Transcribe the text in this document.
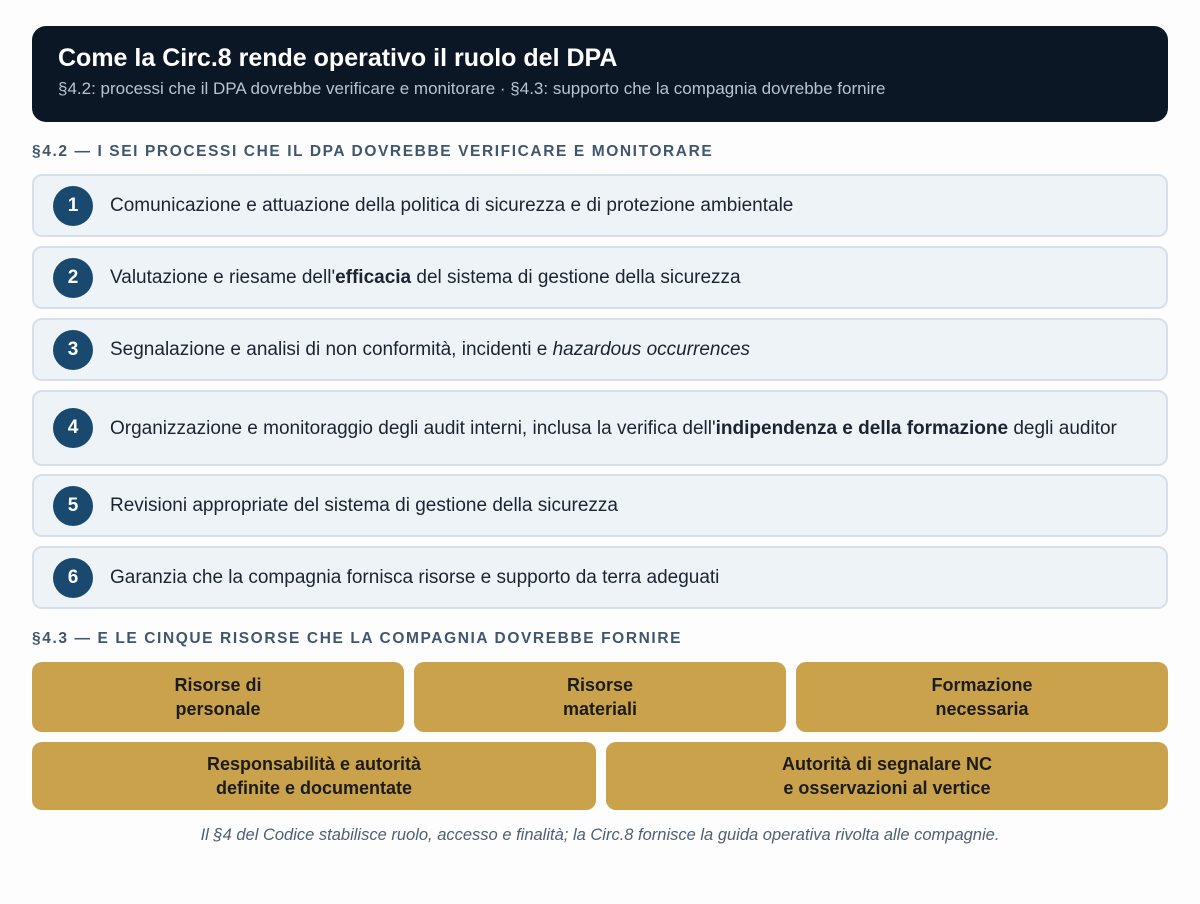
Come la Circ.8 rende operativo il ruolo del DPA
§4.2: processi che il DPA dovrebbe verificare e monitorare · §4.3: supporto che la compagnia dovrebbe fornire
§4.2 — I SEI PROCESSI CHE IL DPA DOVREBBE VERIFICARE E MONITORARE
1	Comunicazione e attuazione della politica di sicurezza e di protezione ambientale
2	Valutazione e riesame dell'efficacia del sistema di gestione della sicurezza
3	Segnalazione e analisi di non conformità, incidenti e hazardous occurrences
4	Organizzazione e monitoraggio degli audit interni, inclusa la verifica dell'indipendenza e della formazione degli auditor
5	Revisioni appropriate del sistema di gestione della sicurezza
6	Garanzia che la compagnia fornisca risorse e supporto da terra adeguati
§4.3 — E LE CINQUE RISORSE CHE LA COMPAGNIA DOVREBBE FORNIRE
Risorse di
personale
Risorse
materiali
Formazione
necessaria
Responsabilità e autorità
definite e documentate
Autorità di segnalare NC
e osservazioni al vertice
Il §4 del Codice stabilisce ruolo, accesso e finalità; la Circ.8 fornisce la guida operativa rivolta alle compagnie.
